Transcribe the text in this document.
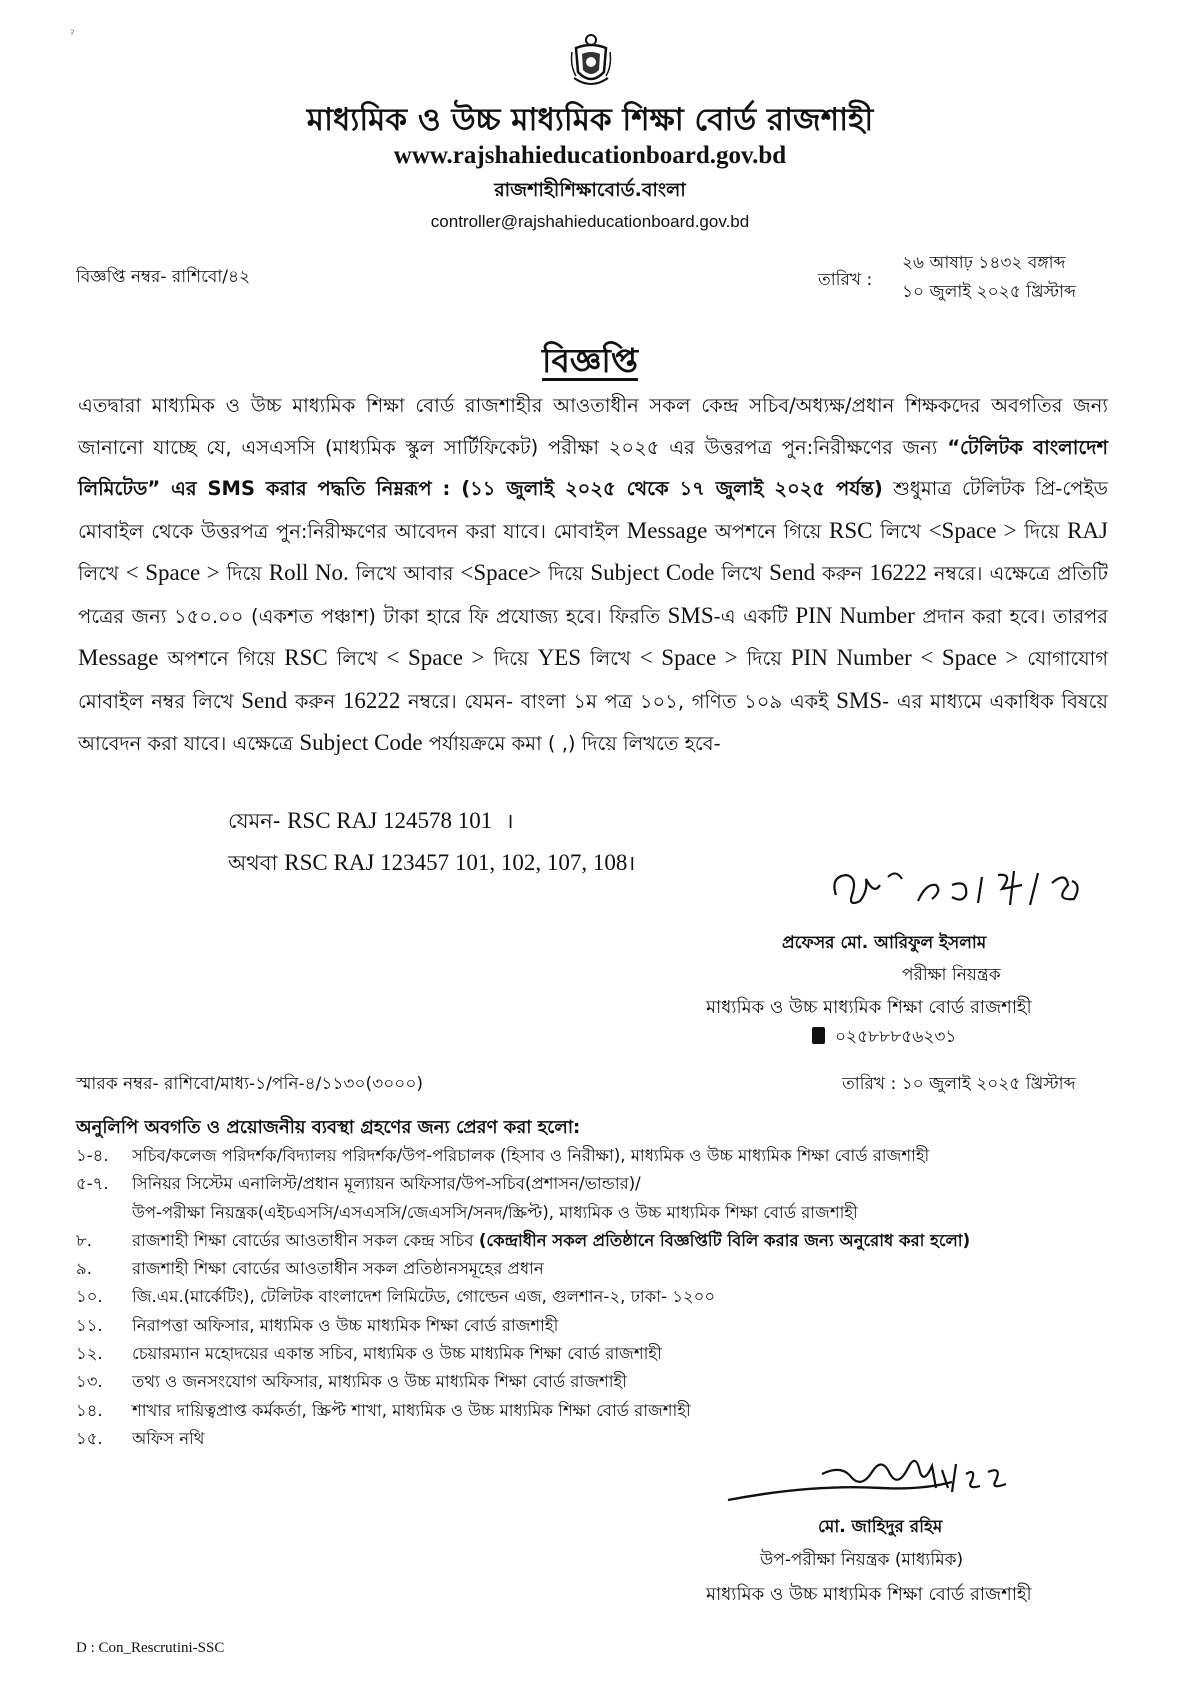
ˀ
মাধ্যমিক ও উচ্চ মাধ্যমিক শিক্ষা বোর্ড রাজশাহী
www.rajshahieducationboard.gov.bd
রাজশাহীশিক্ষাবোর্ড.বাংলা
controller@rajshahieducationboard.gov.bd
বিজ্ঞপ্তি নম্বর- রাশিবো/৪২	তারিখ :
২৬ আষাঢ় ১৪৩২ বঙ্গাব্দ
১০ জুলাই ২০২৫ খ্রিস্টাব্দ
বিজ্ঞপ্তি
এতদ্বারা মাধ্যমিক ও উচ্চ মাধ্যমিক শিক্ষা বোর্ড রাজশাহীর আওতাধীন সকল কেন্দ্র সচিব/অধ্যক্ষ/প্রধান শিক্ষকদের অবগতির জন্য জানানো যাচ্ছে যে, এসএসসি (মাধ্যমিক স্কুল সার্টিফিকেট) পরীক্ষা ২০২৫ এর উত্তরপত্র পুন:নিরীক্ষণের জন্য “টেলিটক বাংলাদেশ লিমিটেড” এর SMS করার পদ্ধতি নিম্নরূপ : (১১ জুলাই ২০২৫ থেকে ১৭ জুলাই ২০২৫ পর্যন্ত) শুধুমাত্র টেলিটক প্রি-পেইড মোবাইল থেকে উত্তরপত্র পুন:নিরীক্ষণের আবেদন করা যাবে। মোবাইল Message অপশনে গিয়ে RSC লিখে <Space > দিয়ে RAJ লিখে < Space > দিয়ে Roll No. লিখে আবার <Space> দিয়ে Subject Code লিখে Send করুন 16222 নম্বরে। এক্ষেত্রে প্রতিটি পত্রের জন্য ১৫০.০০ (একশত পঞ্চাশ) টাকা হারে ফি প্রযোজ্য হবে। ফিরতি SMS-এ একটি PIN Number প্রদান করা হবে। তারপর Message অপশনে গিয়ে RSC লিখে < Space > দিয়ে YES লিখে < Space > দিয়ে PIN Number < Space > যোগাযোগ মোবাইল নম্বর লিখে Send করুন 16222 নম্বরে। যেমন- বাংলা ১ম পত্র ১০১, গণিত ১০৯ একই SMS- এর মাধ্যমে একাধিক বিষয়ে আবেদন করা যাবে। এক্ষেত্রে Subject Code পর্যায়ক্রমে কমা ( ,) দিয়ে লিখতে হবে-
যেমন- RSC RAJ 124578 101 ।
অথবা RSC RAJ 123457 101, 102, 107, 108।
প্রফেসর মো. আরিফুল ইসলাম
পরীক্ষা নিয়ন্ত্রক
মাধ্যমিক ও উচ্চ মাধ্যমিক শিক্ষা বোর্ড রাজশাহী
০২৫৮৮৮৫৬২৩১
স্মারক নম্বর- রাশিবো/মাধ্য-১/পনি-৪/১১৩০(৩০০০)	তারিখ : ১০ জুলাই ২০২৫ খ্রিস্টাব্দ
অনুলিপি অবগতি ও প্রয়োজনীয় ব্যবস্থা গ্রহণের জন্য প্রেরণ করা হলো:
১-৪.	সচিব/কলেজ পরিদর্শক/বিদ্যালয় পরিদর্শক/উপ-পরিচালক (হিসাব ও নিরীক্ষা), মাধ্যমিক ও উচ্চ মাধ্যমিক শিক্ষা বোর্ড রাজশাহী
৫-৭.	সিনিয়র সিস্টেম এনালিস্ট/প্রধান মূল্যায়ন অফিসার/উপ-সচিব(প্রশাসন/ভান্ডার)/
উপ-পরীক্ষা নিয়ন্ত্রক(এইচএসসি/এসএসসি/জেএসসি/সনদ/স্ক্রিপ্ট), মাধ্যমিক ও উচ্চ মাধ্যমিক শিক্ষা বোর্ড রাজশাহী
৮.	রাজশাহী শিক্ষা বোর্ডের আওতাধীন সকল কেন্দ্র সচিব (কেন্দ্রাধীন সকল প্রতিষ্ঠানে বিজ্ঞপ্তিটি বিলি করার জন্য অনুরোধ করা হলো)
৯.	রাজশাহী শিক্ষা বোর্ডের আওতাধীন সকল প্রতিষ্ঠানসমূহের প্রধান
১০.	জি.এম.(মার্কেটিং), টেলিটক বাংলাদেশ লিমিটেড, গোল্ডেন এজ, গুলশান-২, ঢাকা- ১২০০
১১.	নিরাপত্তা অফিসার, মাধ্যমিক ও উচ্চ মাধ্যমিক শিক্ষা বোর্ড রাজশাহী
১২.	চেয়ারম্যান মহোদয়ের একান্ত সচিব, মাধ্যমিক ও উচ্চ মাধ্যমিক শিক্ষা বোর্ড রাজশাহী
১৩.	তথ্য ও জনসংযোগ অফিসার, মাধ্যমিক ও উচ্চ মাধ্যমিক শিক্ষা বোর্ড রাজশাহী
১৪.	শাখার দায়িত্বপ্রাপ্ত কর্মকর্তা, স্ক্রিপ্ট শাখা, মাধ্যমিক ও উচ্চ মাধ্যমিক শিক্ষা বোর্ড রাজশাহী
১৫.	অফিস নথি
মো. জাহিদুর রহিম
উপ-পরীক্ষা নিয়ন্ত্রক (মাধ্যমিক)
মাধ্যমিক ও উচ্চ মাধ্যমিক শিক্ষা বোর্ড রাজশাহী
D : Con_Rescrutini-SSC
